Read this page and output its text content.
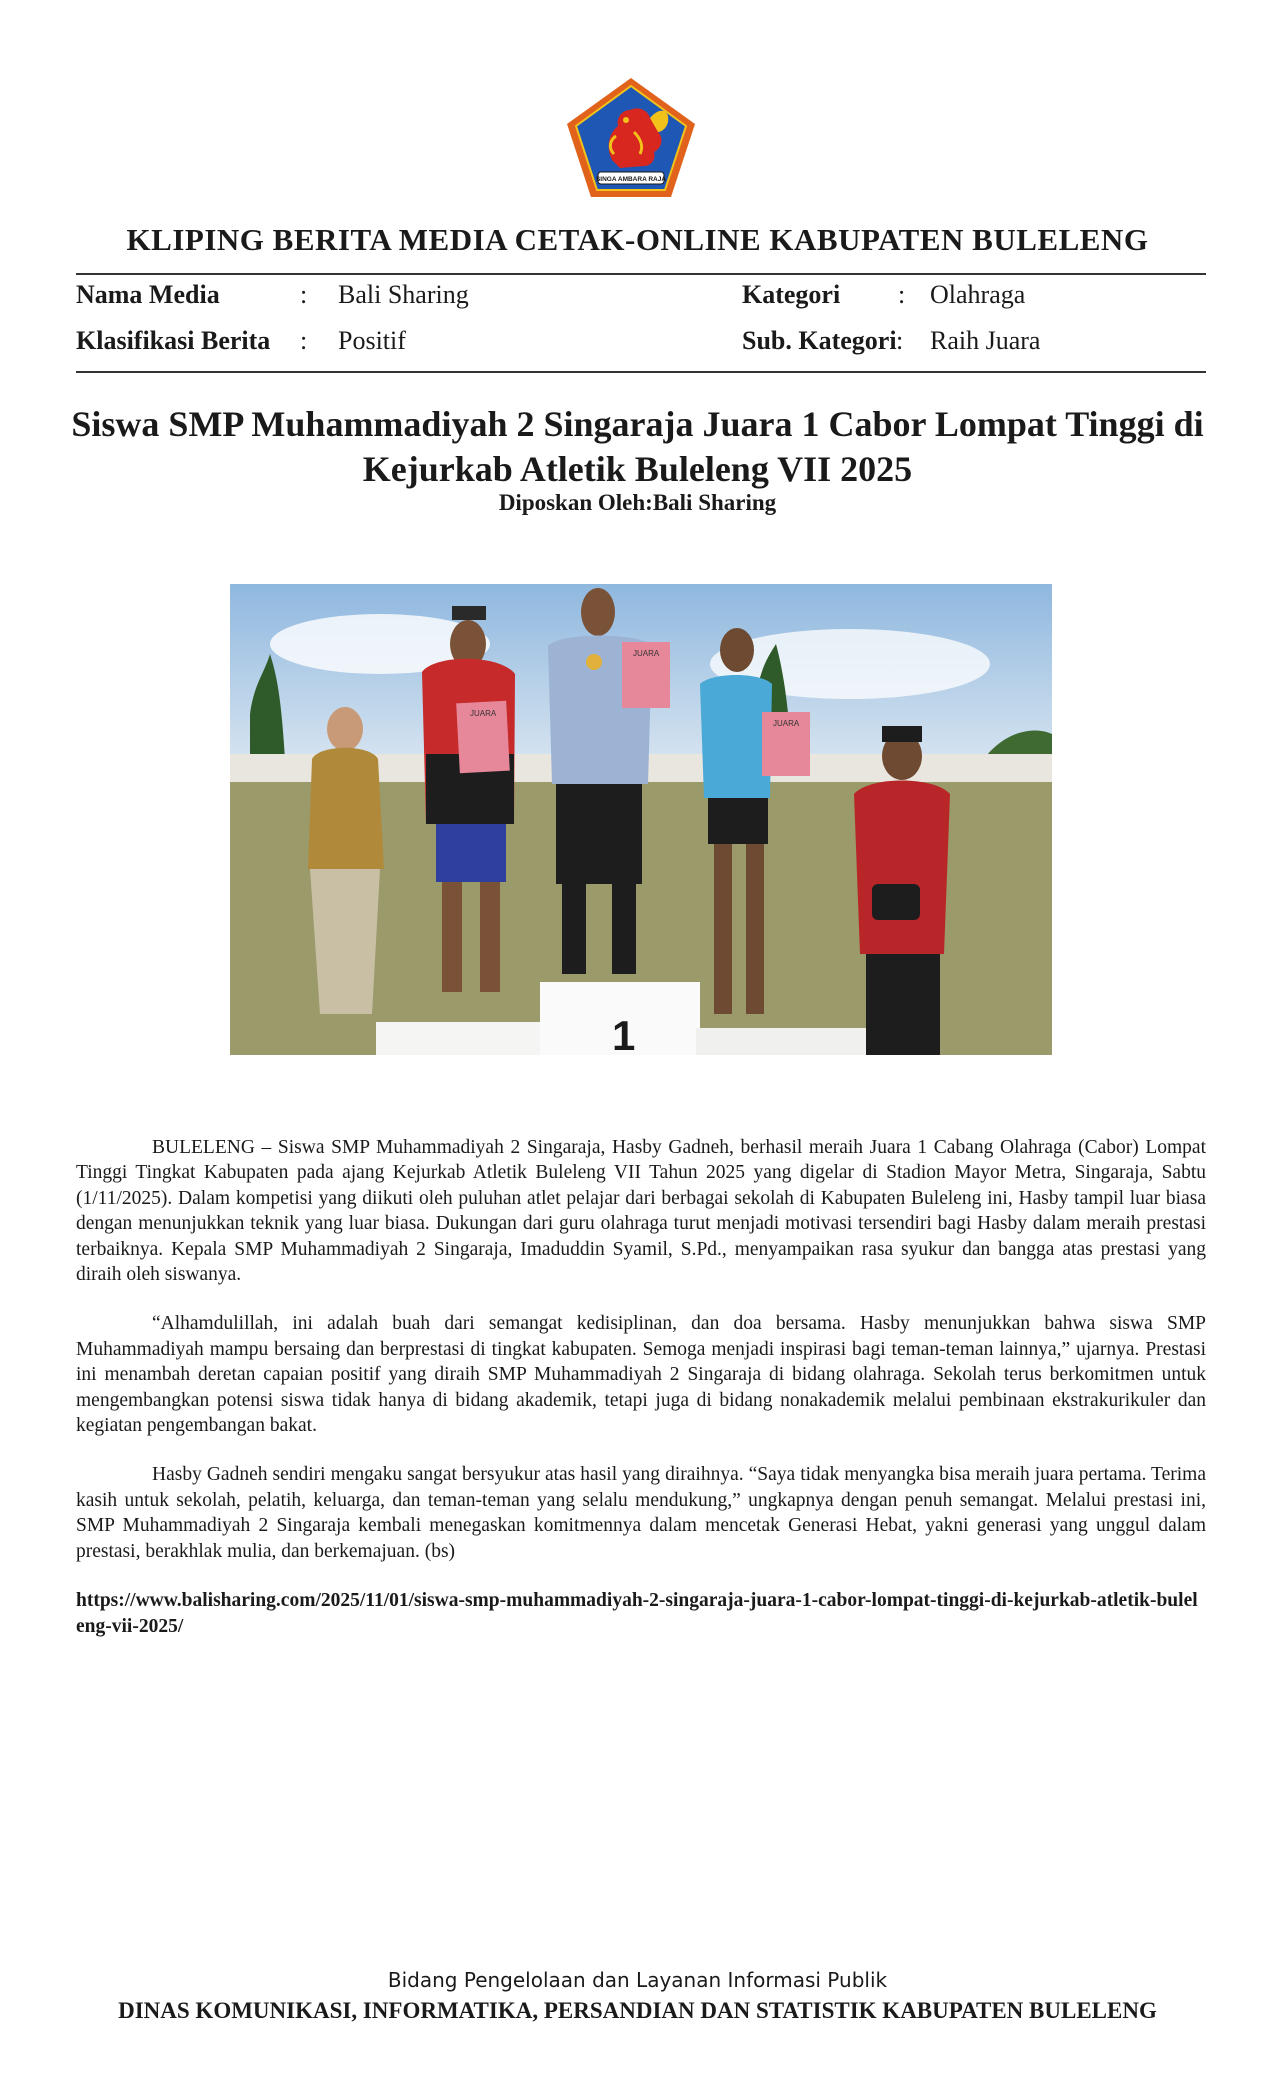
SINGA AMBARA RAJA
KLIPING BERITA MEDIA CETAK-ONLINE KABUPATEN BULELENG
Nama Media	: Bali Sharing	Kategori : Olahraga
Klasifikasi Berita : Positif	Sub. Kategori : Raih Juara
Siswa SMP Muhammadiyah 2 Singaraja Juara 1 Cabor Lompat Tinggi di Kejurkab Atletik Buleleng VII 2025
Diposkan Oleh:Bali Sharing
1
JUARA
JUARA
JUARA

BULELENG – Siswa SMP Muhammadiyah 2 Singaraja, Hasby Gadneh, berhasil meraih Juara 1 Cabang Olahraga (Cabor) Lompat Tinggi Tingkat Kabupaten pada ajang Kejurkab Atletik Buleleng VII Tahun 2025 yang digelar di Stadion Mayor Metra, Singaraja, Sabtu (1/11/2025). Dalam kompetisi yang diikuti oleh puluhan atlet pelajar dari berbagai sekolah di Kabupaten Buleleng ini, Hasby tampil luar biasa dengan menunjukkan teknik yang luar biasa. Dukungan dari guru olahraga turut menjadi motivasi tersendiri bagi Hasby dalam meraih prestasi terbaiknya. Kepala SMP Muhammadiyah 2 Singaraja, Imaduddin Syamil, S.Pd., menyampaikan rasa syukur dan bangga atas prestasi yang diraih oleh siswanya.

“Alhamdulillah, ini adalah buah dari semangat kedisiplinan, dan doa bersama. Hasby menunjukkan bahwa siswa SMP Muhammadiyah mampu bersaing dan berprestasi di tingkat kabupaten. Semoga menjadi inspirasi bagi teman-teman lainnya,” ujarnya. Prestasi ini menambah deretan capaian positif yang diraih SMP Muhammadiyah 2 Singaraja di bidang olahraga. Sekolah terus berkomitmen untuk mengembangkan potensi siswa tidak hanya di bidang akademik, tetapi juga di bidang nonakademik melalui pembinaan ekstrakurikuler dan kegiatan pengembangan bakat.

Hasby Gadneh sendiri mengaku sangat bersyukur atas hasil yang diraihnya. “Saya tidak menyangka bisa meraih juara pertama. Terima kasih untuk sekolah, pelatih, keluarga, dan teman-teman yang selalu mendukung,” ungkapnya dengan penuh semangat. Melalui prestasi ini, SMP Muhammadiyah 2 Singaraja kembali menegaskan komitmennya dalam mencetak Generasi Hebat, yakni generasi yang unggul dalam prestasi, berakhlak mulia, dan berkemajuan. (bs)

https://www.balisharing.com/2025/11/01/siswa-smp-muhammadiyah-2-singaraja-juara-1-cabor-lompat-tinggi-di-kejurkab-atletik-buleleng-vii-2025/
Bidang Pengelolaan dan Layanan Informasi Publik
DINAS KOMUNIKASI, INFORMATIKA, PERSANDIAN DAN STATISTIK KABUPATEN BULELENG
